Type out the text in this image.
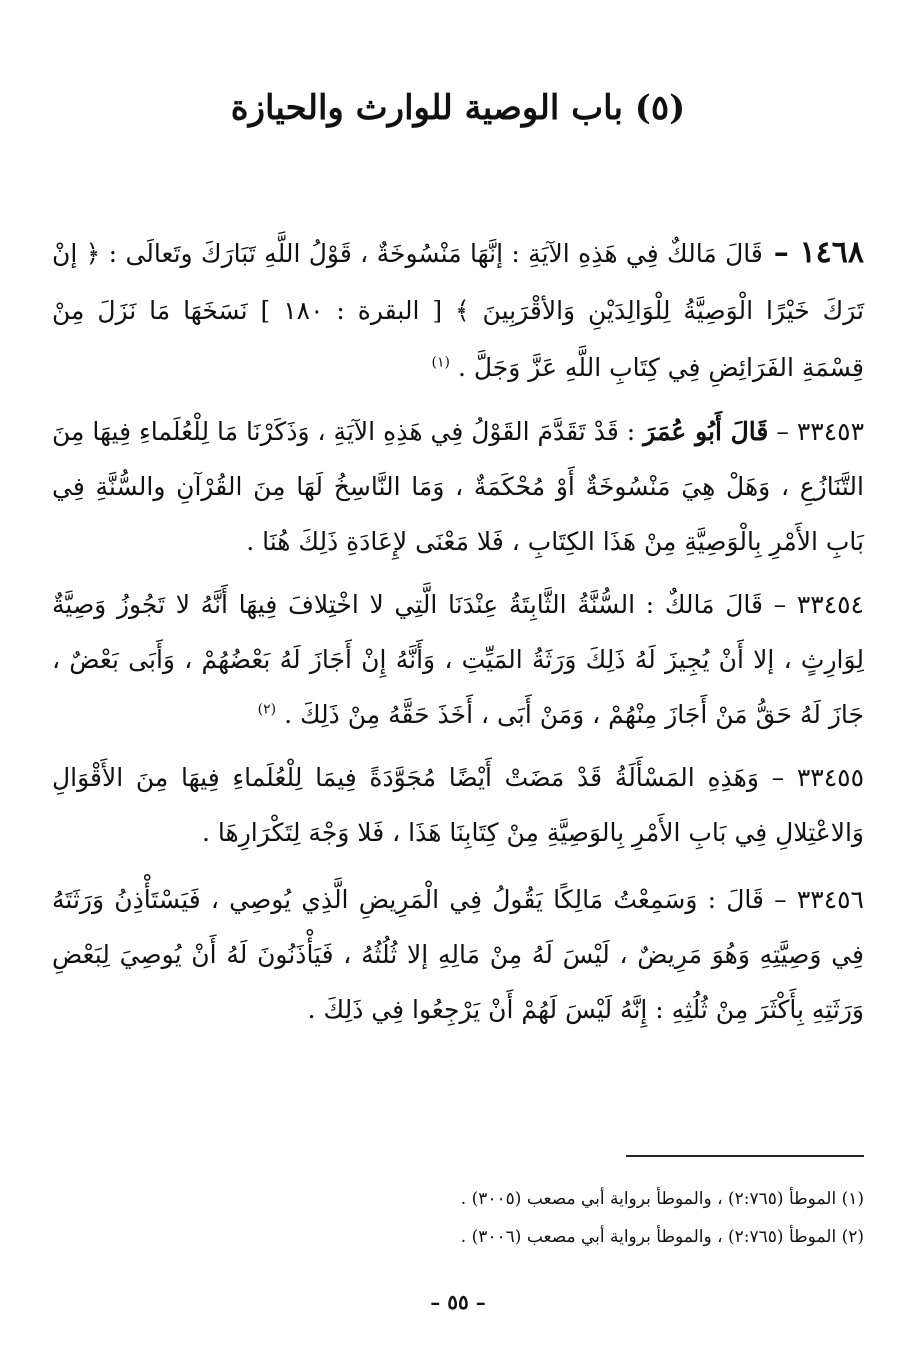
(٥) باب الوصية للوارث والحيازة

١٤٦٨ – قَالَ مَالكٌ فِي هَذِهِ الآيَةِ : إنَّهَا مَنْسُوخَةٌ ، قَوْلُ اللَّهِ تَبَارَكَ وتَعالَى : ﴿ إنْ تَرَكَ خَيْرًا الْوَصِيَّةُ لِلْوَالِدَيْنِ وَالأقْرَبِينَ ﴾ [ البقرة : ١٨٠ ] نَسَخَهَا مَا نَزَلَ مِنْ قِسْمَةِ الفَرَائِضِ فِي كِتَابِ اللَّهِ عَزَّ وَجَلَّ . $^{(١)}$

٣٣٤٥٣ – قَالَ أَبُو عُمَرَ : قَدْ تَقَدَّمَ القَوْلُ فِي هَذِهِ الآيَةِ ، وَذَكَرْنَا مَا لِلْعُلَماءِ فِيهَا مِنَ التَّنَازُعِ ، وَهَلْ هِيَ مَنْسُوخَةٌ أَوْ مُحْكَمَةٌ ، وَمَا النَّاسِخُ لَهَا مِنَ القُرْآنِ والسُّنَّةِ فِي بَابِ الأَمْرِ بِالْوَصِيَّةِ مِنْ هَذَا الكِتَابِ ، فَلا مَعْنَى لإِعَادَةِ ذَلِكَ هُنَا .

٣٣٤٥٤ – قَالَ مَالكٌ : السُّنَّةُ الثَّابِتَةُ عِنْدَنَا الَّتِي لا اخْتِلافَ فِيهَا أَنَّهُ لا تَجُوزُ وَصِيَّةٌ لِوَارِثٍ ، إلا أَنْ يُجِيزَ لَهُ ذَلِكَ وَرَثَةُ المَيِّتِ ، وَأَنَّهُ إِنْ أَجَازَ لَهُ بَعْضُهُمْ ، وَأَبَى بَعْضٌ ، جَازَ لَهُ حَقُّ مَنْ أَجَازَ مِنْهُمْ ، وَمَنْ أَبَى ، أَخَذَ حَقَّهُ مِنْ ذَلِكَ . $^{(٢)}$

٣٣٤٥٥ – وَهَذِهِ المَسْأَلَةُ قَدْ مَضَتْ أَيْضًا مُجَوَّدَةً فِيمَا لِلْعُلَماءِ فِيهَا مِنَ الأَقْوَالِ وَالاعْتِلالِ فِي بَابِ الأَمْرِ بِالوَصِيَّةِ مِنْ كِتَابِنَا هَذَا ، فَلا وَجْهَ لِتَكْرَارِهَا .

٣٣٤٥٦ – قَالَ : وَسَمِعْتُ مَالِكًا يَقُولُ فِي الْمَرِيضِ الَّذِي يُوصِي ، فَيَسْتَأْذِنُ وَرَثَتَهُ فِي وَصِيَّتِهِ وَهُوَ مَرِيضٌ ، لَيْسَ لَهُ مِنْ مَالِهِ إلا ثُلُثُهُ ، فَيَأْذَنُونَ لَهُ أَنْ يُوصِيَ لِبَعْضِ وَرَثَتِهِ بِأَكْثَرَ مِنْ ثُلُثِهِ : إِنَّهُ لَيْسَ لَهُمْ أَنْ يَرْجِعُوا فِي ذَلِكَ .

(١) الموطأ (٢:٧٦٥) ، والموطأ برواية أبي مصعب (٣٠٠٥) .
(٢) الموطأ (٢:٧٦٥) ، والموطأ برواية أبي مصعب (٣٠٠٦) .
– ٥٥ –
